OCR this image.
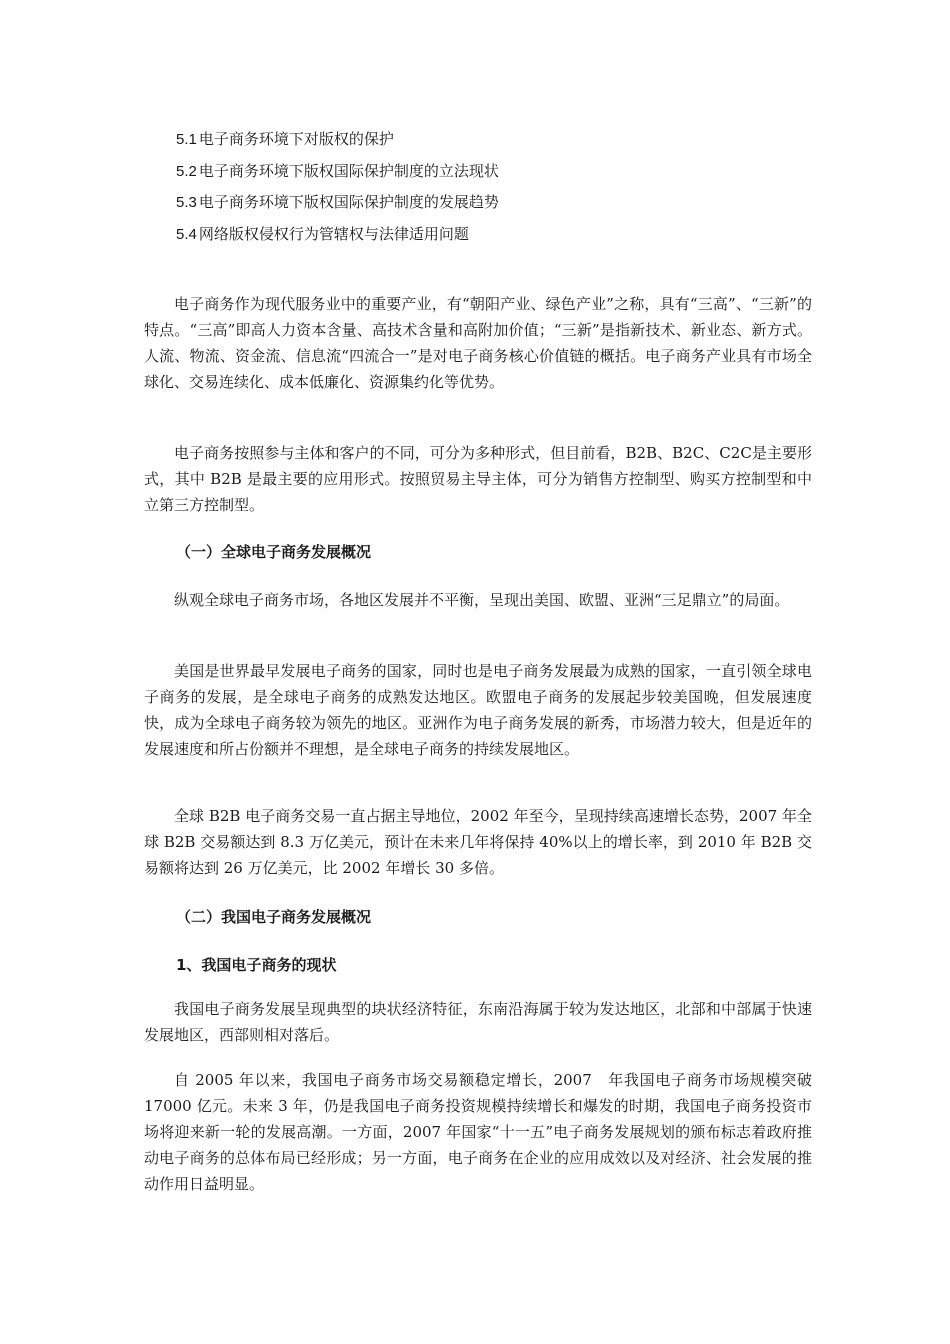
5.1 电子商务环境下对版权的保护
5.2 电子商务环境下版权国际保护制度的立法现状
5.3 电子商务环境下版权国际保护制度的发展趋势
5.4 网络版权侵权行为管辖权与法律适用问题

电子商务作为现代服务业中的重要产业，有“朝阳产业、绿色产业”之称，具有“三高”、“三新”的特点。“三高”即高人力资本含量、高技术含量和高附加价值；“三新”是指新技术、新业态、新方式。人流、物流、资金流、信息流“四流合一”是对电子商务核心价值链的概括。电子商务产业具有市场全球化、交易连续化、成本低廉化、资源集约化等优势。

电子商务按照参与主体和客户的不同，可分为多种形式，但目前看，B2B、B2C、C2C是主要形式，其中 B2B 是最主要的应用形式。按照贸易主导主体，可分为销售方控制型、购买方控制型和中立第三方控制型。

（一）全球电子商务发展概况

纵观全球电子商务市场，各地区发展并不平衡，呈现出美国、欧盟、亚洲“三足鼎立”的局面。

美国是世界最早发展电子商务的国家，同时也是电子商务发展最为成熟的国家，一直引领全球电子商务的发展，是全球电子商务的成熟发达地区。欧盟电子商务的发展起步较美国晚，但发展速度快，成为全球电子商务较为领先的地区。亚洲作为电子商务发展的新秀，市场潜力较大，但是近年的发展速度和所占份额并不理想，是全球电子商务的持续发展地区。

全球 B2B 电子商务交易一直占据主导地位，2002 年至今，呈现持续高速增长态势，2007 年全球 B2B 交易额达到 8.3 万亿美元，预计在未来几年将保持 40%以上的增长率，到 2010 年 B2B 交易额将达到 26 万亿美元，比 2002 年增长 30 多倍。

（二）我国电子商务发展概况
1、我国电子商务的现状

我国电子商务发展呈现典型的块状经济特征，东南沿海属于较为发达地区，北部和中部属于快速发展地区，西部则相对落后。

自 2005 年以来，我国电子商务市场交易额稳定增长，2007　年我国电子商务市场规模突破 17000 亿元。未来 3 年，仍是我国电子商务投资规模持续增长和爆发的时期，我国电子商务投资市场将迎来新一轮的发展高潮。一方面，2007 年国家“十一五”电子商务发展规划的颁布标志着政府推动电子商务的总体布局已经形成；另一方面，电子商务在企业的应用成效以及对经济、社会发展的推动作用日益明显。
